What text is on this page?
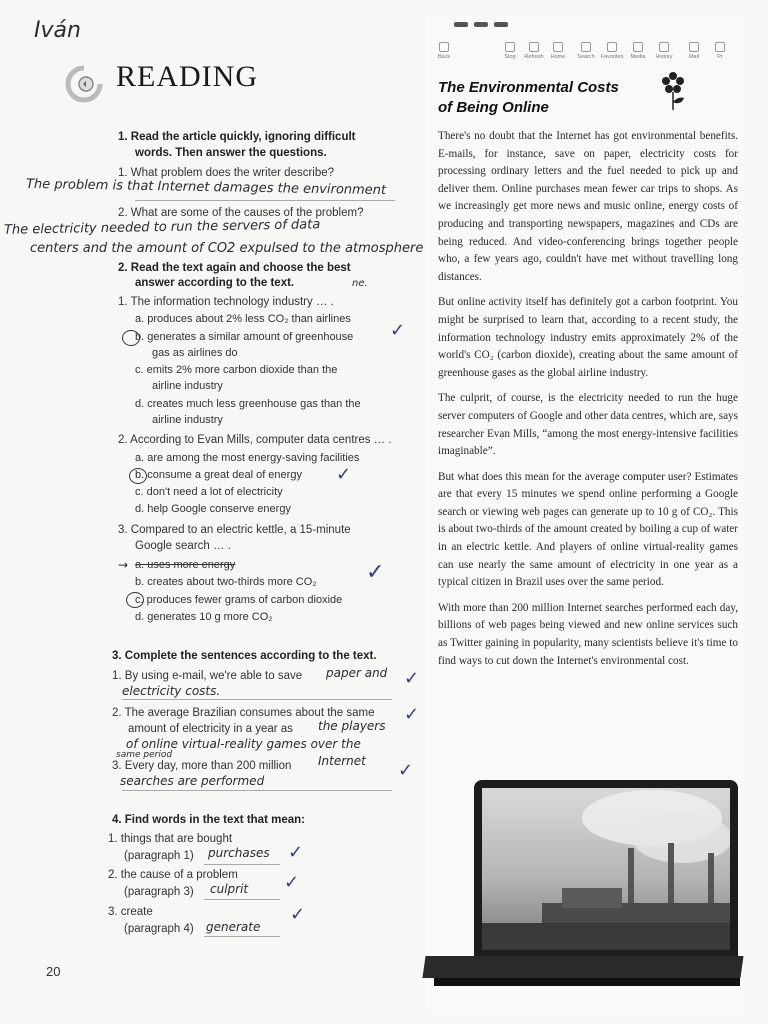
Iván
READING
1. Read the article quickly, ignoring difficult
words. Then answer the questions.
1. What problem does the writer describe?
The problem is that Internet damages the environment
2. What are some of the causes of the problem?
The electricity needed to run the servers of data
centers and the amount of CO2 expulsed to the atmosphere
ne.
2. Read the text again and choose the best
answer according to the text.
1. The information technology industry … .
a. produces about 2% less CO₂ than airlines
b. generates a similar amount of greenhouse
gas as airlines do
✓
c. emits 2% more carbon dioxide than the
airline industry
d. creates much less greenhouse gas than the
airline industry
2. According to Evan Mills, computer data centres … .
a. are among the most energy-saving facilities
b. consume a great deal of energy ✓
c. don't need a lot of electricity
d. help Google conserve energy
3. Compared to an electric kettle, a 15-minute
Google search … .
→ a. uses more energy
b. creates about two-thirds more CO₂
c. produces fewer grams of carbon dioxide
✓
d. generates 10 g more CO₂
3. Complete the sentences according to the text.
1. By using e-mail, we're able to save paper and
electricity costs.
✓
2. The average Brazilian consumes about the same
amount of electricity in a year as the players
of online virtual-reality games over the
same period
✓
3. Every day, more than 200 million Internet
searches are performed	✓
4. Find words in the text that mean:
1. things that are bought
(paragraph 1) purchases ✓
2. the cause of a problem
(paragraph 3) culprit ✓
3. create
(paragraph 4) generate
✓
20
Back	Stop	Refresh	Home	Search	Favorites	Media	History	Mail	Pr
The Environmental Costs
of Being Online

There's no doubt that the Internet has got environmental benefits. E-mails, for instance, save on paper, electricity costs for processing ordinary letters and the fuel needed to pick up and deliver them. Online purchases mean fewer car trips to shops. As we increasingly get more news and music online, energy costs of producing and transporting newspapers, magazines and CDs are being reduced. And video-conferencing brings together people who, a few years ago, couldn't have met without travelling long distances.

But online activity itself has definitely got a carbon footprint. You might be surprised to learn that, according to a recent study, the information technology industry emits approximately 2% of the world's CO₂ (carbon dioxide), creating about the same amount of greenhouse gases as the global airline industry.

The culprit, of course, is the electricity needed to run the huge server computers of Google and other data centres, which are, says researcher Evan Mills, “among the most energy-intensive facilities imaginable”.

But what does this mean for the average computer user? Estimates are that every 15 minutes we spend online performing a Google search or viewing web pages can generate up to 10 g of CO₂. This is about two-thirds of the amount created by boiling a cup of water in an electric kettle. And players of online virtual-reality games can use nearly the same amount of electricity in one year as a typical citizen in Brazil uses over the same period.

With more than 200 million Internet searches performed each day, billions of web pages being viewed and new online services such as Twitter gaining in popularity, many scientists believe it's time to find ways to cut down the Internet's environmental cost.
